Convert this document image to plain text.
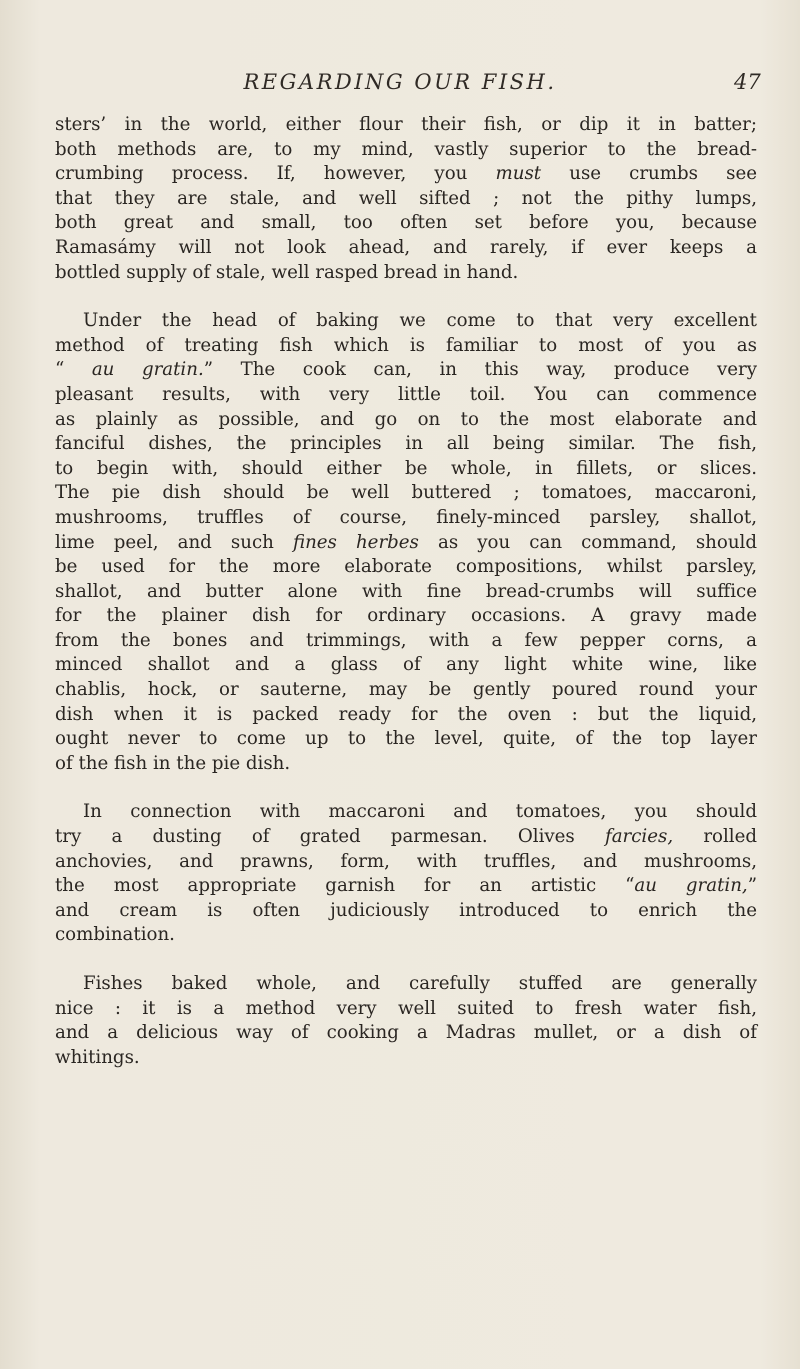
REGARDING OUR FISH.	47
sters’ in the world, either flour their fish, or dip it in batter;
both methods are, to my mind, vastly superior to the bread-
crumbing process. If, however, you must use crumbs see
that they are stale, and well sifted ; not the pithy lumps,
both great and small, too often set before you, because
Ramasámy will not look ahead, and rarely, if ever keeps a
bottled supply of stale, well rasped bread in hand.
Under the head of baking we come to that very excellent
method of treating fish which is familiar to most of you as
“ au gratin.” The cook can, in this way, produce very
pleasant results, with very little toil. You can commence
as plainly as possible, and go on to the most elaborate and
fanciful dishes, the principles in all being similar. The fish,
to begin with, should either be whole, in fillets, or slices.
The pie dish should be well buttered ; tomatoes, maccaroni,
mushrooms, truffles of course, finely-minced parsley, shallot,
lime peel, and such fines herbes as you can command, should
be used for the more elaborate compositions, whilst parsley,
shallot, and butter alone with fine bread-crumbs will suffice
for the plainer dish for ordinary occasions. A gravy made
from the bones and trimmings, with a few pepper corns, a
minced shallot and a glass of any light white wine, like
chablis, hock, or sauterne, may be gently poured round your
dish when it is packed ready for the oven : but the liquid,
ought never to come up to the level, quite, of the top layer
of the fish in the pie dish.
In connection with maccaroni and tomatoes, you should
try a dusting of grated parmesan. Olives farcies, rolled
anchovies, and prawns, form, with truffles, and mushrooms,
the most appropriate garnish for an artistic “au gratin,”
and cream is often judiciously introduced to enrich the
combination.
Fishes baked whole, and carefully stuffed are generally
nice : it is a method very well suited to fresh water fish,
and a delicious way of cooking a Madras mullet, or a dish of
whitings.
